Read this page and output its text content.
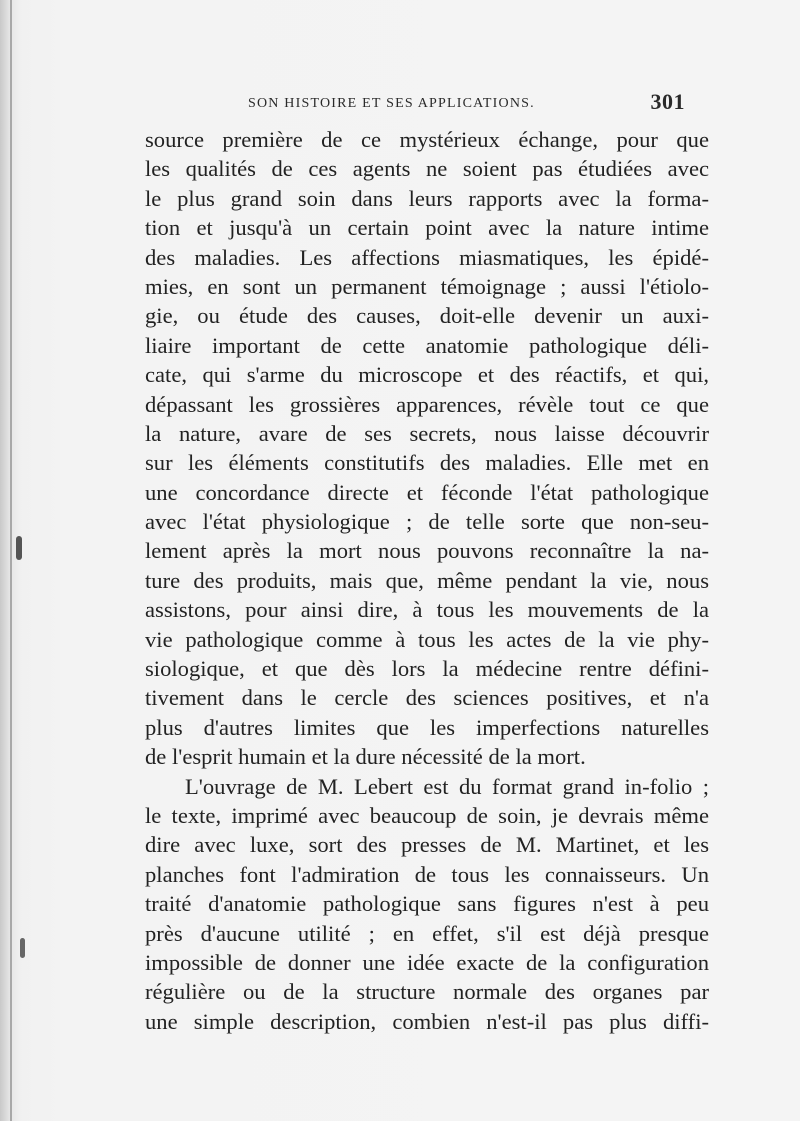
SON HISTOIRE ET SES APPLICATIONS.	301
source première de ce mystérieux échange, pour que
les qualités de ces agents ne soient pas étudiées avec
le plus grand soin dans leurs rapports avec la forma-
tion et jusqu'à un certain point avec la nature intime
des maladies. Les affections miasmatiques, les épidé-
mies, en sont un permanent témoignage ; aussi l'étiolo-
gie, ou étude des causes, doit-elle devenir un auxi-
liaire important de cette anatomie pathologique déli-
cate, qui s'arme du microscope et des réactifs, et qui,
dépassant les grossières apparences, révèle tout ce que
la nature, avare de ses secrets, nous laisse découvrir
sur les éléments constitutifs des maladies. Elle met en
une concordance directe et féconde l'état pathologique
avec l'état physiologique ; de telle sorte que non-seu-
lement après la mort nous pouvons reconnaître la na-
ture des produits, mais que, même pendant la vie, nous
assistons, pour ainsi dire, à tous les mouvements de la
vie pathologique comme à tous les actes de la vie phy-
siologique, et que dès lors la médecine rentre défini-
tivement dans le cercle des sciences positives, et n'a
plus d'autres limites que les imperfections naturelles
de l'esprit humain et la dure nécessité de la mort.
L'ouvrage de M. Lebert est du format grand in-folio ;
le texte, imprimé avec beaucoup de soin, je devrais même
dire avec luxe, sort des presses de M. Martinet, et les
planches font l'admiration de tous les connaisseurs. Un
traité d'anatomie pathologique sans figures n'est à peu
près d'aucune utilité ; en effet, s'il est déjà presque
impossible de donner une idée exacte de la configuration
régulière ou de la structure normale des organes par
une simple description, combien n'est-il pas plus diffi-
